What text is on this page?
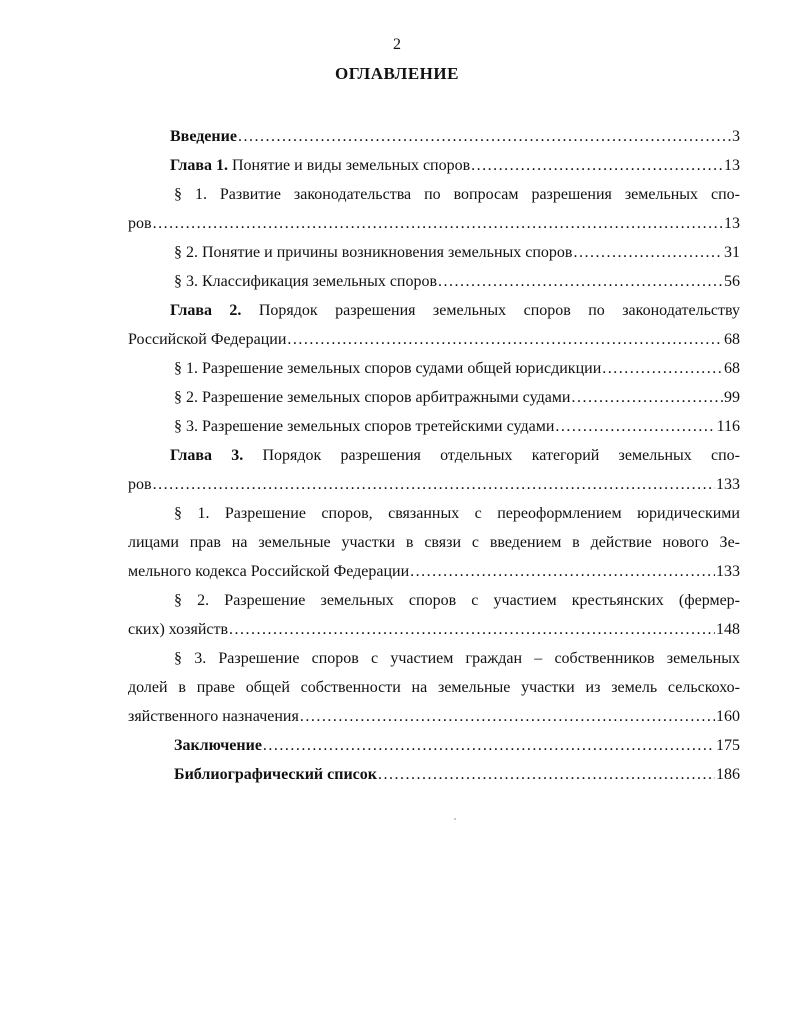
2
ОГЛАВЛЕНИЕ
Введение .....	3
Глава 1. Понятие и виды земельных споров .....	13
§ 1. Развитие законодательства по вопросам разрешения земельных спо-
ров .....	13
§ 2. Понятие и причины возникновения земельных споров .....	31
§ 3. Классификация земельных споров .....	56
Глава 2. Порядок разрешения земельных споров по законодательству
Российской Федерации .....	68
§ 1. Разрешение земельных споров судами общей юрисдикции .....	68
§ 2. Разрешение земельных споров арбитражными судами .....	99
§ 3. Разрешение земельных споров третейскими судами .....	116
Глава 3. Порядок разрешения отдельных категорий земельных спо-
ров .....	133
§ 1. Разрешение споров, связанных с переоформлением юридическими
лицами прав на земельные участки в связи с введением в действие нового Зе-
мельного кодекса Российской Федерации .....	133
§ 2. Разрешение земельных споров с участием крестьянских (фермер-
ских) хозяйств .....	148
§ 3. Разрешение споров с участием граждан – собственников земельных
долей в праве общей собственности на земельные участки из земель сельскохо-
зяйственного назначения .....	160
Заключение .....	175
Библиографический список .....	186
